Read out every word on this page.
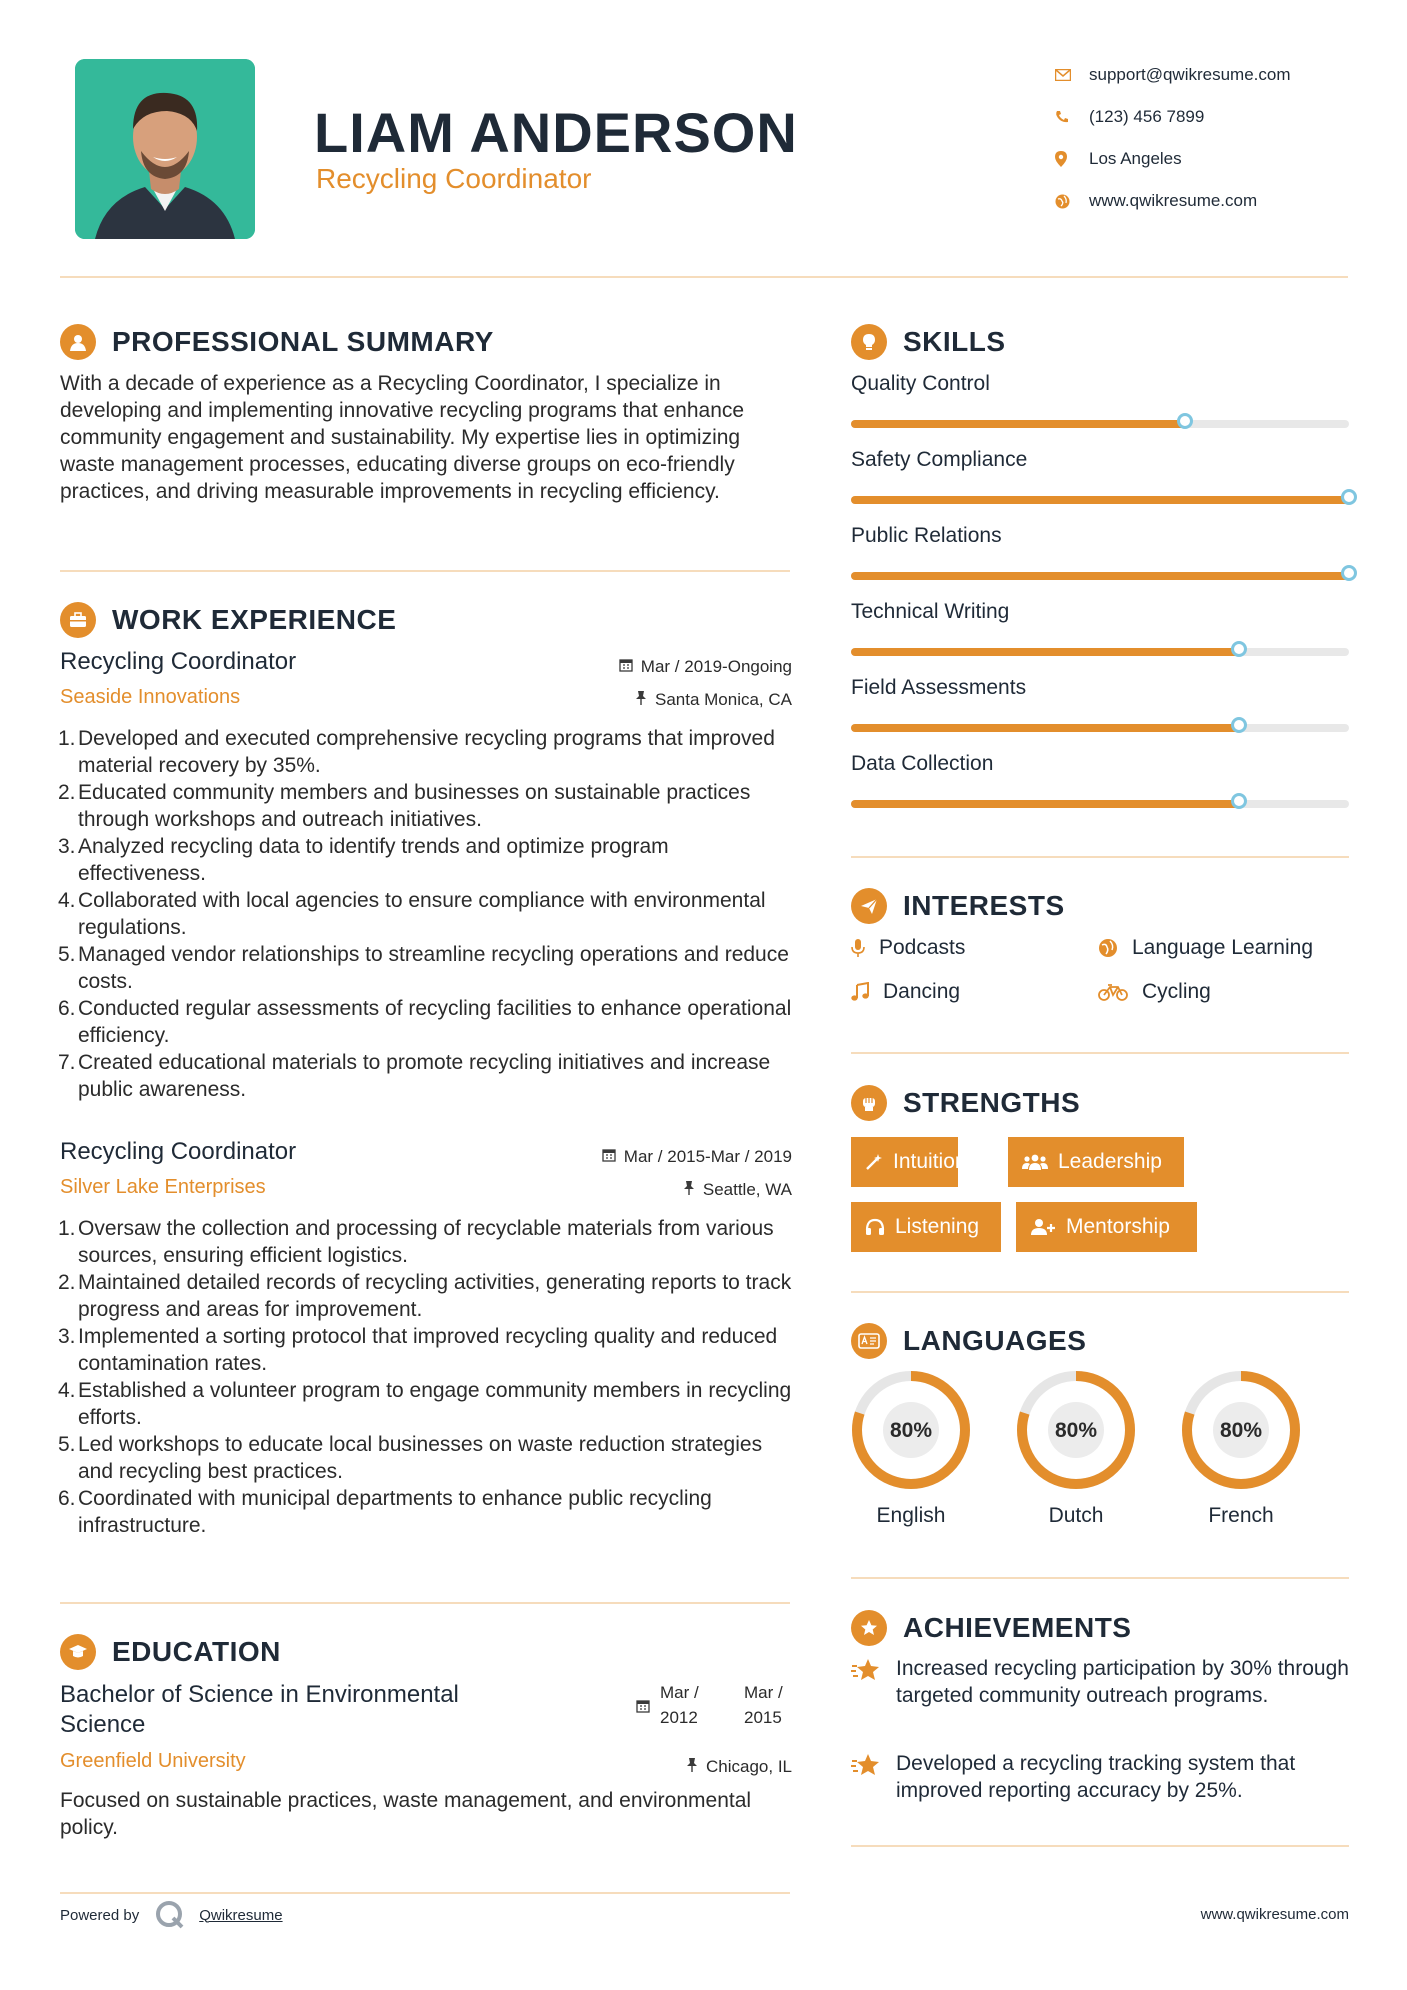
LIAM ANDERSON
Recycling Coordinator
support@qwikresume.com
(123) 456 7899
Los Angeles
www.qwikresume.com
PROFESSIONAL SUMMARY
With a decade of experience as a Recycling Coordinator, I specialize in developing and implementing innovative recycling programs that enhance community engagement and sustainability. My expertise lies in optimizing waste management processes, educating diverse groups on eco-friendly practices, and driving measurable improvements in recycling efficiency.
WORK EXPERIENCE
Recycling Coordinator
Seaside Innovations
Mar / 2019-Ongoing
Santa Monica, CA
1. Developed and executed comprehensive recycling programs that improved material recovery by 35%.
2. Educated community members and businesses on sustainable practices through workshops and outreach initiatives.
3. Analyzed recycling data to identify trends and optimize program effectiveness.
4. Collaborated with local agencies to ensure compliance with environmental regulations.
5. Managed vendor relationships to streamline recycling operations and reduce costs.
6. Conducted regular assessments of recycling facilities to enhance operational efficiency.
7. Created educational materials to promote recycling initiatives and increase public awareness.
Recycling Coordinator
Silver Lake Enterprises
Mar / 2015-Mar / 2019
Seattle, WA
1. Oversaw the collection and processing of recyclable materials from various sources, ensuring efficient logistics.
2. Maintained detailed records of recycling activities, generating reports to track progress and areas for improvement.
3. Implemented a sorting protocol that improved recycling quality and reduced contamination rates.
4. Established a volunteer program to engage community members in recycling efforts.
5. Led workshops to educate local businesses on waste reduction strategies and recycling best practices.
6. Coordinated with municipal departments to enhance public recycling infrastructure.
EDUCATION
Bachelor of Science in Environmental Science
Greenfield University
Mar / 2012
Mar / 2015
Chicago, IL
Focused on sustainable practices, waste management, and environmental policy.
SKILLS
Quality Control
Safety Compliance
Public Relations
Technical Writing
Field Assessments
Data Collection
INTERESTS
Podcasts	Language Learning
Dancing	Cycling
STRENGTHS
Intuition	Leadership
Listening	Mentorship
LANGUAGES
80%
English
80%
Dutch
80%
French
ACHIEVEMENTS
Increased recycling participation by 30% through targeted community outreach programs.
Developed a recycling tracking system that improved reporting accuracy by 25%.
Powered by	Qwikresume	www.qwikresume.com
